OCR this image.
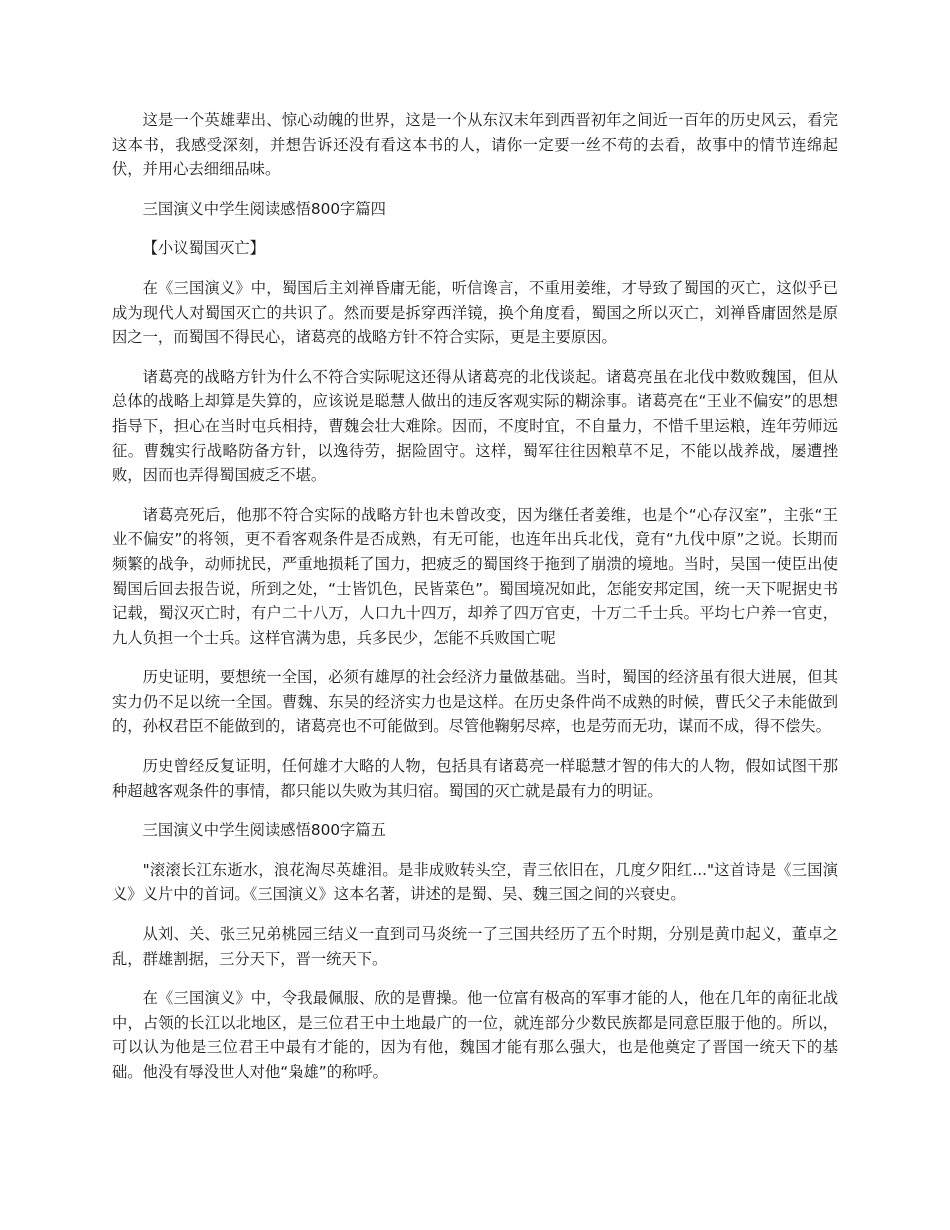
这是一个英雄辈出、惊心动魄的世界，这是一个从东汉末年到西晋初年之间近一百年的历史风云，看完这本书，我感受深刻，并想告诉还没有看这本书的人，请你一定要一丝不苟的去看，故事中的情节连绵起伏，并用心去细细品味。

三国演义中学生阅读感悟800字篇四

【小议蜀国灭亡】

在《三国演义》中，蜀国后主刘禅昏庸无能，听信谗言，不重用姜维，才导致了蜀国的灭亡，这似乎已成为现代人对蜀国灭亡的共识了。然而要是拆穿西洋镜，换个角度看，蜀国之所以灭亡，刘禅昏庸固然是原因之一，而蜀国不得民心，诸葛亮的战略方针不符合实际，更是主要原因。

诸葛亮的战略方针为什么不符合实际呢这还得从诸葛亮的北伐谈起。诸葛亮虽在北伐中数败魏国，但从总体的战略上却算是失算的，应该说是聪慧人做出的违反客观实际的糊涂事。诸葛亮在“王业不偏安”的思想指导下，担心在当时屯兵相持，曹魏会壮大难除。因而，不度时宜，不自量力，不惜千里运粮，连年劳师远征。曹魏实行战略防备方针，以逸待劳，据险固守。这样，蜀军往往因粮草不足，不能以战养战，屡遭挫败，因而也弄得蜀国疲乏不堪。

诸葛亮死后，他那不符合实际的战略方针也未曾改变，因为继任者姜维，也是个“心存汉室”，主张“王业不偏安”的将领，更不看客观条件是否成熟，有无可能，也连年出兵北伐，竟有“九伐中原”之说。长期而频繁的战争，动师扰民，严重地损耗了国力，把疲乏的蜀国终于拖到了崩溃的境地。当时，吴国一使臣出使蜀国后回去报告说，所到之处，“士皆饥色，民皆菜色”。蜀国境况如此，怎能安邦定国，统一天下呢据史书记载，蜀汉灭亡时，有户二十八万，人口九十四万，却养了四万官吏，十万二千士兵。平均七户养一官吏，九人负担一个士兵。这样官满为患，兵多民少，怎能不兵败国亡呢

历史证明，要想统一全国，必须有雄厚的社会经济力量做基础。当时，蜀国的经济虽有很大进展，但其实力仍不足以统一全国。曹魏、东吴的经济实力也是这样。在历史条件尚不成熟的时候，曹氏父子未能做到的，孙权君臣不能做到的，诸葛亮也不可能做到。尽管他鞠躬尽瘁，也是劳而无功，谋而不成，得不偿失。

历史曾经反复证明，任何雄才大略的人物，包括具有诸葛亮一样聪慧才智的伟大的人物，假如试图干那种超越客观条件的事情，都只能以失败为其归宿。蜀国的灭亡就是最有力的明证。

三国演义中学生阅读感悟800字篇五

"滚滚长江东逝水，浪花淘尽英雄泪。是非成败转头空，青三依旧在，几度夕阳红..."这首诗是《三国演义》义片中的首词。《三国演义》这本名著，讲述的是蜀、吴、魏三国之间的兴衰史。

从刘、关、张三兄弟桃园三结义一直到司马炎统一了三国共经历了五个时期，分别是黄巾起义，董卓之乱，群雄割据，三分天下，晋一统天下。

在《三国演义》中，令我最佩服、欣的是曹操。他一位富有极高的军事才能的人，他在几年的南征北战中，占领的长江以北地区，是三位君王中土地最广的一位，就连部分少数民族都是同意臣服于他的。所以，可以认为他是三位君王中最有才能的，因为有他，魏国才能有那么强大，也是他奠定了晋国一统天下的基础。他没有辱没世人对他“枭雄”的称呼。
